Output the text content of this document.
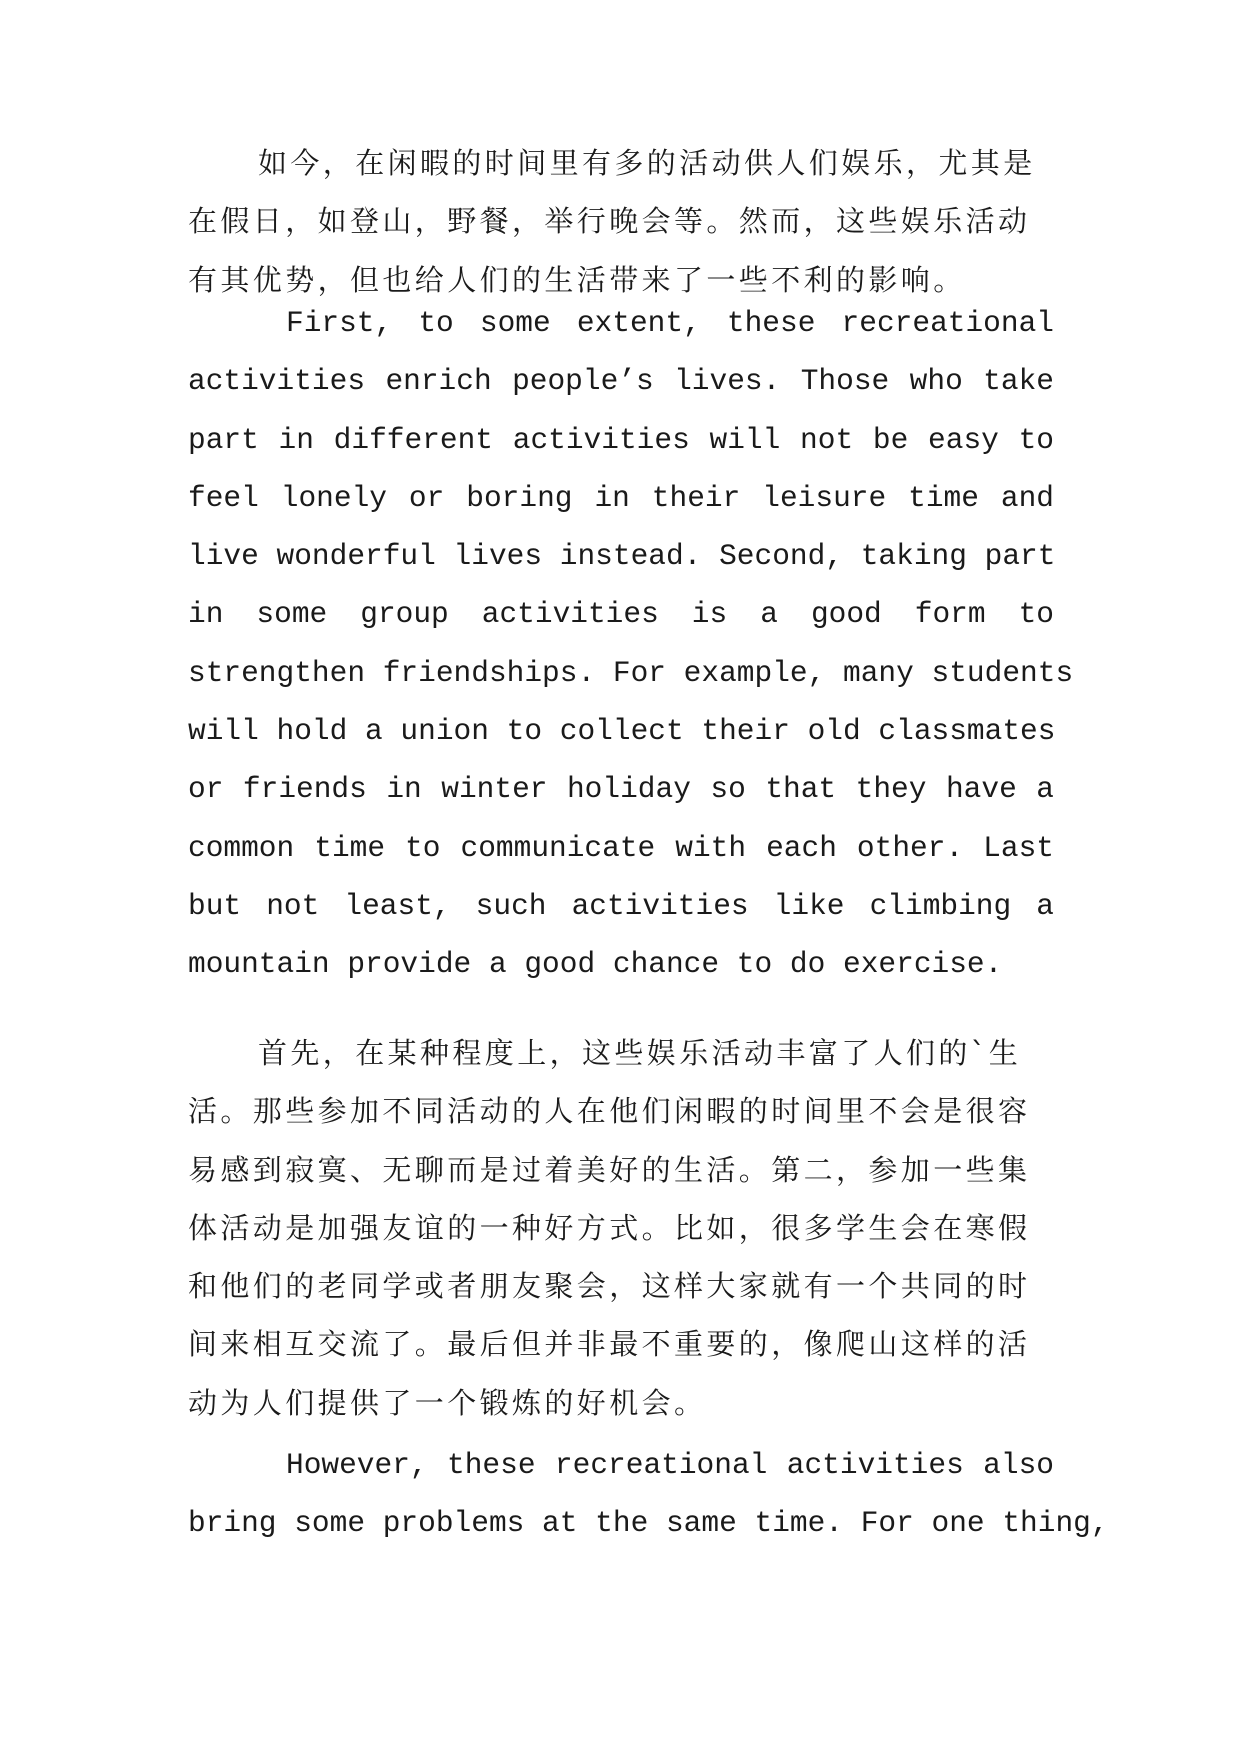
如今，在闲暇的时间里有多的活动供人们娱乐，尤其是
在假日，如登山，野餐，举行晚会等。然而，这些娱乐活动
有其优势，但也给人们的生活带来了一些不利的影响。
First, to some extent, these recreational
activities enrich people’s lives. Those who take
part in different activities will not be easy to
feel lonely or boring in their leisure time and
live wonderful lives instead. Second, taking part
in some group activities is a good form to
strengthen friendships. For example, many students
will hold a union to collect their old classmates
or friends in winter holiday so that they have a
common time to communicate with each other. Last
but not least, such activities like climbing a
mountain provide a good chance to do exercise.
首先，在某种程度上，这些娱乐活动丰富了人们的`生
活。那些参加不同活动的人在他们闲暇的时间里不会是很容
易感到寂寞、无聊而是过着美好的生活。第二，参加一些集
体活动是加强友谊的一种好方式。比如，很多学生会在寒假
和他们的老同学或者朋友聚会，这样大家就有一个共同的时
间来相互交流了。最后但并非最不重要的，像爬山这样的活
动为人们提供了一个锻炼的好机会。
However, these recreational activities also
bring some problems at the same time. For one thing,
